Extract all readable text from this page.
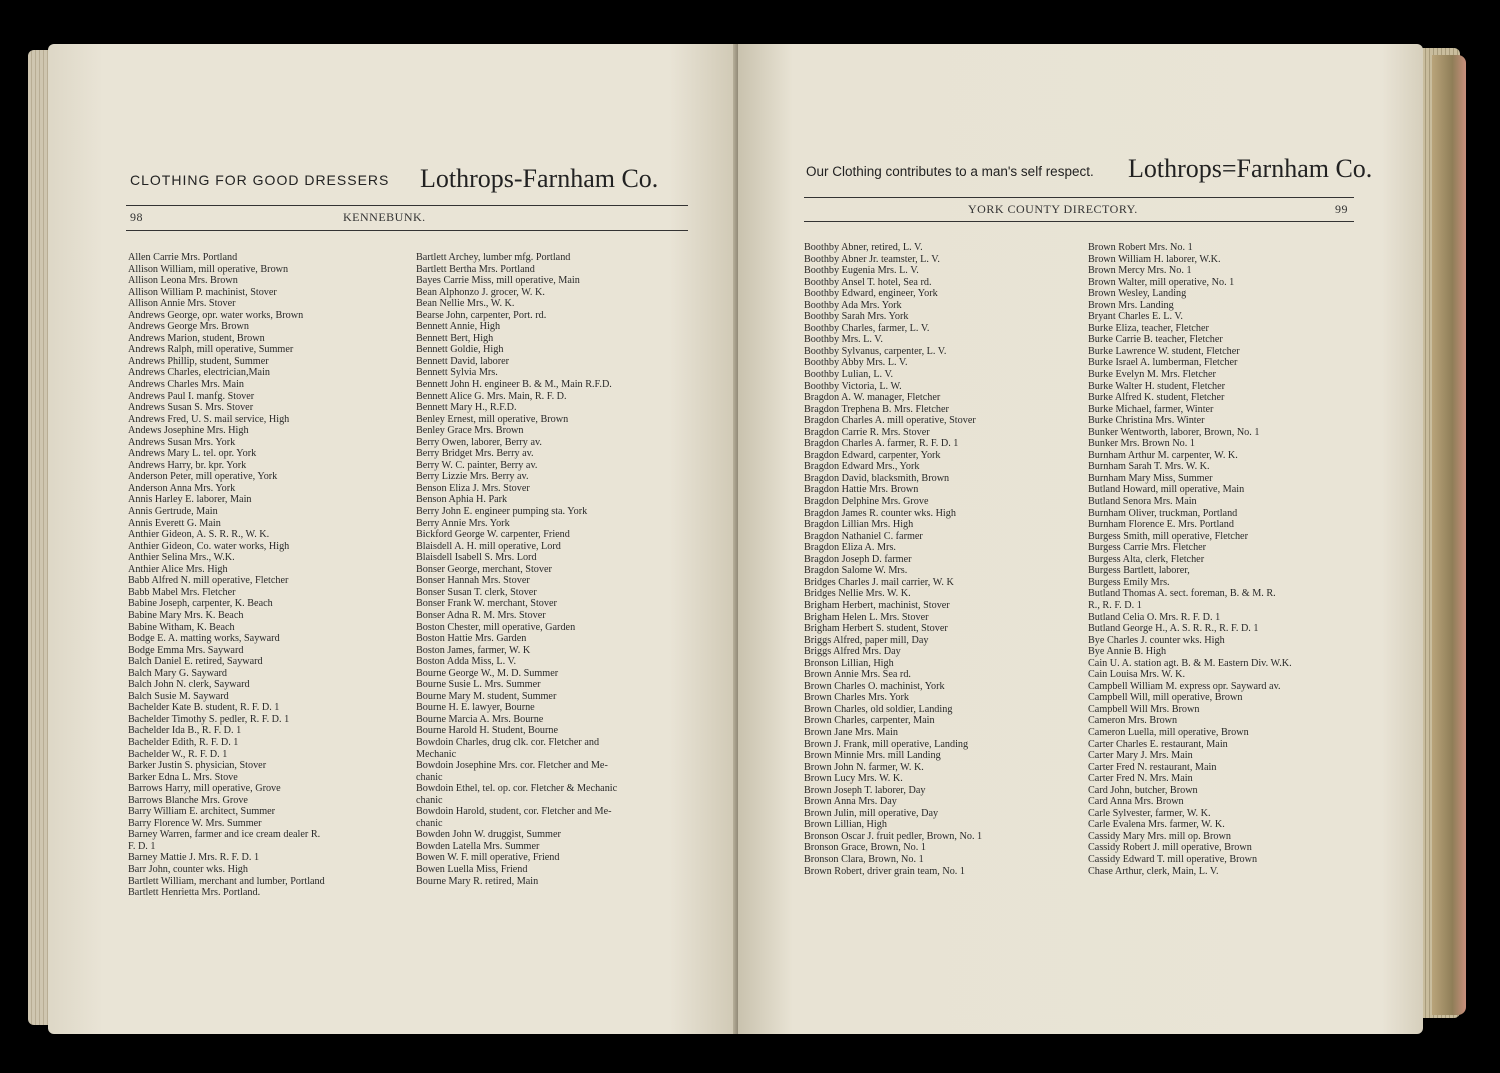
CLOTHING FOR GOOD DRESSERS Lothrops-Farnham Co.
98	KENNEBUNK.
Allen Carrie Mrs. Portland
Allison William, mill operative, Brown
Allison Leona Mrs. Brown
Allison William P. machinist, Stover
Allison Annie Mrs. Stover
Andrews George, opr. water works, Brown
Andrews George Mrs. Brown
Andrews Marion, student, Brown
Andrews Ralph, mill operative, Summer
Andrews Phillip, student, Summer
Andrews Charles, electrician,Main
Andrews Charles Mrs. Main
Andrews Paul I. manfg. Stover
Andrews Susan S. Mrs. Stover
Andrews Fred, U. S. mail service, High
Andews Josephine Mrs. High
Andrews Susan Mrs. York
Andrews Mary L. tel. opr. York
Andrews Harry, br. kpr. York
Anderson Peter, mill operative, York
Anderson Anna Mrs. York
Annis Harley E. laborer, Main
Annis Gertrude, Main
Annis Everett G. Main
Anthier Gideon, A. S. R. R., W. K.
Anthier Gideon, Co. water works, High
Anthier Selina Mrs., W.K.
Anthier Alice Mrs. High
Babb Alfred N. mill operative, Fletcher
Babb Mabel Mrs. Fletcher
Babine Joseph, carpenter, K. Beach
Babine Mary Mrs. K. Beach
Babine Witham, K. Beach
Bodge E. A. matting works, Sayward
Bodge Emma Mrs. Sayward
Balch Daniel E. retired, Sayward
Balch Mary G. Sayward
Balch John N. clerk, Sayward
Balch Susie M. Sayward
Bachelder Kate B. student, R. F. D. 1
Bachelder Timothy S. pedler, R. F. D. 1
Bachelder Ida B., R. F. D. 1
Bachelder Edith, R. F. D. 1
Bachelder W., R. F. D. 1
Barker Justin S. physician, Stover
Barker Edna L. Mrs. Stove
Barrows Harry, mill operative, Grove
Barrows Blanche Mrs. Grove
Barry William E. architect, Summer
Barry Florence W. Mrs. Summer
Barney Warren, farmer and ice cream dealer R.
F. D. 1
Barney Mattie J. Mrs. R. F. D. 1
Barr John, counter wks. High
Bartlett William, merchant and lumber, Portland
Bartlett Henrietta Mrs. Portland.
Bartlett Archey, lumber mfg. Portland
Bartlett Bertha Mrs. Portland
Bayes Carrie Miss, mill operative, Main
Bean Alphonzo J. grocer, W. K.
Bean Nellie Mrs., W. K.
Bearse John, carpenter, Port. rd.
Bennett Annie, High
Bennett Bert, High
Bennett Goldie, High
Bennett David, laborer
Bennett Sylvia Mrs.
Bennett John H. engineer B. & M., Main R.F.D.
Bennett Alice G. Mrs. Main, R. F. D.
Bennett Mary H., R.F.D.
Benley Ernest, mill operative, Brown
Benley Grace Mrs. Brown
Berry Owen, laborer, Berry av.
Berry Bridget Mrs. Berry av.
Berry W. C. painter, Berry av.
Berry Lizzie Mrs. Berry av.
Benson Eliza J. Mrs. Stover
Benson Aphia H. Park
Berry John E. engineer pumping sta. York
Berry Annie Mrs. York
Bickford George W. carpenter, Friend
Blaisdell A. H. mill operative, Lord
Blaisdell Isabell S. Mrs. Lord
Bonser George, merchant, Stover
Bonser Hannah Mrs. Stover
Bonser Susan T. clerk, Stover
Bonser Frank W. merchant, Stover
Bonser Adna R. M. Mrs. Stover
Boston Chester, mill operative, Garden
Boston Hattie Mrs. Garden
Boston James, farmer, W. K
Boston Adda Miss, L. V.
Bourne George W., M. D. Summer
Bourne Susie L. Mrs. Summer
Bourne Mary M. student, Summer
Bourne H. E. lawyer, Bourne
Bourne Marcia A. Mrs. Bourne
Bourne Harold H. Student, Bourne
Bowdoin Charles, drug clk. cor. Fletcher and
Mechanic
Bowdoin Josephine Mrs. cor. Fletcher and Me-
chanic
Bowdoin Ethel, tel. op. cor. Fletcher & Mechanic
chanic
Bowdoin Harold, student, cor. Fletcher and Me-
chanic
Bowden John W. druggist, Summer
Bowden Latella Mrs. Summer
Bowen W. F. mill operative, Friend
Bowen Luella Miss, Friend
Bourne Mary R. retired, Main
Our Clothing contributes to a man's self respect. Lothrops=Farnham Co.
YORK COUNTY DIRECTORY.	99
Boothby Abner, retired, L. V.
Boothby Abner Jr. teamster, L. V.
Boothby Eugenia Mrs. L. V.
Boothby Ansel T. hotel, Sea rd.
Boothby Edward, engineer, York
Boothby Ada Mrs. York
Boothby Sarah Mrs. York
Boothby Charles, farmer, L. V.
Boothby Mrs. L. V.
Boothby Sylvanus, carpenter, L. V.
Boothby Abby Mrs. L. V.
Boothby Lulian, L. V.
Boothby Victoria, L. W.
Bragdon A. W. manager, Fletcher
Bragdon Trephena B. Mrs. Fletcher
Bragdon Charles A. mill operative, Stover
Bragdon Carrie R. Mrs. Stover
Bragdon Charles A. farmer, R. F. D. 1
Bragdon Edward, carpenter, York
Bragdon Edward Mrs., York
Bragdon David, blacksmith, Brown
Bragdon Hattie Mrs. Brown
Bragdon Delphine Mrs. Grove
Bragdon James R. counter wks. High
Bragdon Lillian Mrs. High
Bragdon Nathaniel C. farmer
Bragdon Eliza A. Mrs.
Bragdon Joseph D. farmer
Bragdon Salome W. Mrs.
Bridges Charles J. mail carrier, W. K
Bridges Nellie Mrs. W. K.
Brigham Herbert, machinist, Stover
Brigham Helen L. Mrs. Stover
Brigham Herbert S. student, Stover
Briggs Alfred, paper mill, Day
Briggs Alfred Mrs. Day
Bronson Lillian, High
Brown Annie Mrs. Sea rd.
Brown Charles O. machinist, York
Brown Charles Mrs. York
Brown Charles, old soldier, Landing
Brown Charles, carpenter, Main
Brown Jane Mrs. Main
Brown J. Frank, mill operative, Landing
Brown Minnie Mrs. mill Landing
Brown John N. farmer, W. K.
Brown Lucy Mrs. W. K.
Brown Joseph T. laborer, Day
Brown Anna Mrs. Day
Brown Julin, mill operative, Day
Brown Lillian, High
Bronson Oscar J. fruit pedler, Brown, No. 1
Bronson Grace, Brown, No. 1
Bronson Clara, Brown, No. 1
Brown Robert, driver grain team, No. 1
Brown Robert Mrs. No. 1
Brown William H. laborer, W.K.
Brown Mercy Mrs. No. 1
Brown Walter, mill operative, No. 1
Brown Wesley, Landing
Brown Mrs. Landing
Bryant Charles E. L. V.
Burke Eliza, teacher, Fletcher
Burke Carrie B. teacher, Fletcher
Burke Lawrence W. student, Fletcher
Burke Israel A. lumberman, Fletcher
Burke Evelyn M. Mrs. Fletcher
Burke Walter H. student, Fletcher
Burke Alfred K. student, Fletcher
Burke Michael, farmer, Winter
Burke Christina Mrs. Winter
Bunker Wentworth, laborer, Brown, No. 1
Bunker Mrs. Brown No. 1
Burnham Arthur M. carpenter, W. K.
Burnham Sarah T. Mrs. W. K.
Burnham Mary Miss, Summer
Butland Howard, mill operative, Main
Butland Senora Mrs. Main
Burnham Oliver, truckman, Portland
Burnham Florence E. Mrs. Portland
Burgess Smith, mill operative, Fletcher
Burgess Carrie Mrs. Fletcher
Burgess Alta, clerk, Fletcher
Burgess Bartlett, laborer,
Burgess Emily Mrs.
Butland Thomas A. sect. foreman, B. & M. R.
R., R. F. D. 1
Butland Celia O. Mrs. R. F. D. 1
Butland George H., A. S. R. R., R. F. D. 1
Bye Charles J. counter wks. High
Bye Annie B. High
Cain U. A. station agt. B. & M. Eastern Div. W.K.
Cain Louisa Mrs. W. K.
Campbell William M. express opr. Sayward av.
Campbell Will, mill operative, Brown
Campbell Will Mrs. Brown
Cameron Mrs. Brown
Cameron Luella, mill operative, Brown
Carter Charles E. restaurant, Main
Carter Mary J. Mrs. Main
Carter Fred N. restaurant, Main
Carter Fred N. Mrs. Main
Card John, butcher, Brown
Card Anna Mrs. Brown
Carle Sylvester, farmer, W. K.
Carle Evalena Mrs. farmer, W. K.
Cassidy Mary Mrs. mill op. Brown
Cassidy Robert J. mill operative, Brown
Cassidy Edward T. mill operative, Brown
Chase Arthur, clerk, Main, L. V.
